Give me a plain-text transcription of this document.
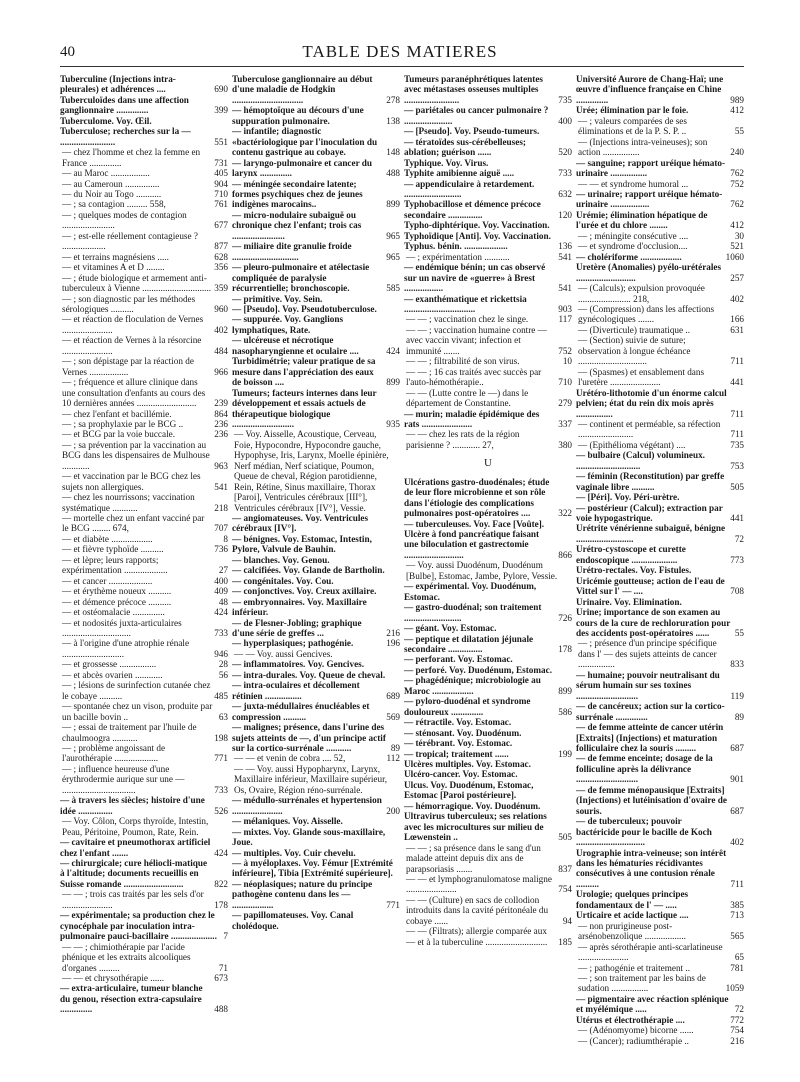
40	TABLE DES MATIERES
Tuberculine (Injections intra-pleurales) et adhérences ....	690
Tuberculoïdes dans une affection ganglionnaire ..............	399
Tuberculome. Voy. Œil.
Tuberculose; recherches sur la — ........................	551
— chez l'homme et chez la femme en France ..............	731
— au Maroc .................	405
— au Cameroun ...............	904
— du Noir au Togo ...........	710
— ; sa contagion ......... 558,	761
— ; quelques modes de contagion .......................	677
— ; est-elle réellement contagieuse ? ...................	877
— et terrains magnésiens .....	628
— et vitamines A et D ........	356
— ; étude biologique et armement anti-tuberculeux à Vienne .............................. 359
— ; son diagnostic par les méthodes sérologiques ..........	960
— et réaction de floculation de Vernes ......................	402
— et réaction de Vernes à la résorcine ......................	484
— ; son dépistage par la réaction de Vernes .................	966
— ; fréquence et allure clinique dans une consultation d'enfants au cours des 10 dernières années ..........................	239
— chez l'enfant et bacillémie.	864
— ; sa prophylaxie par le BCG ..	236
— et BCG par la voie buccale.	236
— ; sa prévention par la vaccination au BCG dans les dispensaires de Mulhouse ............	963
— et vaccination par le BCG chez les sujets non allergiques.	541
— chez les nourrissons; vaccination systématique ...........	218
— mortelle chez un enfant vacciné par le BCG ........ 674,	707
— et diabète ..................	8
— et fièvre typhoïde ..........	736
— et lèpre; leurs rapports; expérimentation ...................	27
— et cancer ...................	400
— et érythème noueux ..........	409
— et démence précoce ..........	48
— et ostéomalacie ..............	424
— et nodosités juxta-articulaires ..............................	733
— à l'origine d'une atrophie rénale ...........................	946
— et grossesse ................	28
— et abcès ovarien ............	56
— ; lésions de surinfection cutanée chez le cobaye ..........	485
— spontanée chez un vison, produite par un bacille bovin ..	63
— ; essai de traitement par l'huile de chaulmoogra ...........	198
— ; problème angoissant de l'aurothérapie ...................	771
— ; influence heureuse d'une érythrodermie aurique sur une — ................................	733
— à travers les siècles; histoire d'une idée ...............	526
— Voy. Côlon, Corps thyroïde, Intestin, Peau, Péritoine, Poumon, Rate, Rein.
— cavitaire et pneumothorax artificiel chez l'enfant .......	424
— chirurgicale; cure héliocli-matique à l'altitude; documents recueillis en Suisse romande ..........................	822
— — ; trois cas traités par les sels d'or ......................	178
— expérimentale; sa production chez le cynocéphale par inoculation intra-pulmonaire pauci-bacillaire .................... 7
— — ; chimiothérapie par l'acide phénique et les extraits alcooliques d'organes .........	71
— — et chrysothérapie ......	673
— extra-articulaire, tumeur blanche du genou, résection extra-capsulaire ..............	488
Tuberculose ganglionnaire au début d'une maladie de Hodgkin ...............................	278
— hémoptoïque au décours d'une suppuration pulmonaire.	138
— infantile; diagnostic «bactériologique par l'inoculation du contenu gastrique au cobaye.	148
— laryngo-pulmonaire et cancer du larynx ..............	488
— méningée secondaire latente; formes psychiques chez de jeunes indigènes marocains..	899
— micro-nodulaire subaiguë ou chronique chez l'enfant; trois cas .......................	965
— miliaire dite granulie froide .............................	965
— pleuro-pulmonaire et atélectasie compliquée de paralysie récurrentielle; bronchoscopie.	585
— primitive. Voy. Sein.
— [Pseudo]. Voy. Pseudotuberculose.
— suppurée. Voy. Ganglions lymphatiques, Rate.
— ulcéreuse et nécrotique nasopharyngienne et oculaire ....	424
Turbidimétrie; valeur pratique de sa mesure dans l'appréciation des eaux de boisson ....	899
Tumeurs; facteurs internes dans leur développement et essais actuels de thérapeutique biologique ...........................	935
— Voy. Aisselle, Acoustique, Cerveau, Foie, Hypocondre, Hypocondre gauche, Hypophyse, Iris, Larynx, Moelle épinière, Nerf médian, Nerf sciatique, Poumon, Queue de cheval, Région parotidienne, Rein, Rétine, Sinus maxillaire, Thorax [Paroi], Ventricules cérébraux [III°], Ventricules cérébraux [IV°], Vessie.
— angiomateuses. Voy. Ventricules cérébraux [IV°].
— bénignes. Voy. Estomac, Intestin, Pylore, Valvule de Bauhin.
— blanches. Voy. Genou.
— calcifiées. Voy. Glande de Bartholin.
— congénitales. Voy. Cou.
— conjonctives. Voy. Creux axillaire.
— embryonnaires. Voy. Maxillaire inférieur.
— de Flesner-Jobling; graphique d'une série de greffes ...	216
— hyperplasiques; pathogénie.	196
— — Voy. aussi Gencives.
— inflammatoires. Voy. Gencives.
— intra-durales. Voy. Queue de cheval.
— intra-oculaires et décollement rétinien ................	689
— juxta-médullaires énucléables et compression ..........	569
— malignes; présence, dans l'urine des sujets atteints de —, d'un principe actif sur la cortico-surrénale ...........	89
— — et venin de cobra .... 52,	112
— — Voy. aussi Hypopharynx, Larynx, Maxillaire inférieur, Maxillaire supérieur, Os, Ovaire, Région réno-surrénale.
— médullo-surrénales et hypertension ......................	200
— mélaniques. Voy. Aisselle.
— mixtes. Voy. Glande sous-maxillaire, Joue.
— multiples. Voy. Cuir chevelu.
— à myéloplaxes. Voy. Fémur [Extrémité inférieure], Tibia [Extrémité supérieure].
— néoplasiques; nature du principe pathogène contenu dans les — ..................	771
— papillomateuses. Voy. Canal cholédoque.
Tumeurs paranéphrétiques latentes avec métastases osseuses multiples ........................	735
— pariétales ou cancer pulmonaire ? .....................	400
— [Pseudo]. Voy. Pseudo-tumeurs.
— tératoïdes sus-cérébelleuses; ablation; guérison ......	520
Typhique. Voy. Virus.
Typhite amibienne aiguë .....	733
— appendiculaire à retardement. .........................	632
Typhobacillose et démence précoce secondaire ...............	120
Typho-diphtérique. Voy. Vaccination.
Typhoïdique [Anti]. Voy. Vaccination.
Typhus. bénin. ...................	136
— ; expérimentation ...........	541
— endémique bénin; un cas observé sur un navire de «guerre» à Brest .................	541
— exanthématique et rickettsia ...............................	903
— — ; vaccination chez le singe.	117
— — ; vaccination humaine contre — avec vaccin vivant; infection et immunité .......	752
— — ; filtrabilité de son virus.	10
— — ; 16 cas traités avec succès par l'auto-hémothérapie..	710
— — (Lutte contre le —) dans le département de Constantine.	279
— murin; maladie épidémique des rats ......................	337
— — chez les rats de la région parisienne ? ............ 27,	380
U
Ulcérations gastro-duodénales; étude de leur flore microbienne et son rôle dans l'étiologie des complications pulmonaires post-opératoires ....	322
— tuberculeuses. Voy. Face [Voûte].
Ulcère à fond pancréatique faisant une biloculation et gastrectomie ..........................	866
— Voy. aussi Duodénum, Duodénum [Bulbe], Estomac, Jambe, Pylore, Vessie.
— expérimental. Voy. Duodénum, Estomac.
— gastro-duodénal; son traitement .........................	726
— géant. Voy. Estomac.
— peptique et dilatation jéjunale secondaire ...............	178
— perforant. Voy. Estomac.
— perforé. Voy. Duodénum, Estomac.
— phagédénique; microbiologie au Maroc ..................	899
— pyloro-duodénal et syndrome douloureux ..............	586
— rétractile. Voy. Estomac.
— sténosant. Voy. Duodénum.
— térébrant. Voy. Estomac.
— tropical; traitement ......	199
Ulcères multiples. Voy. Estomac.
Ulcéro-cancer. Voy. Estomac.
Ulcus. Voy. Duodénum, Estomac, Estomac [Paroi postérieure].
— hémorragique. Voy. Duodénum.
Ultravirus tuberculeux; ses relations avec les microcultures sur milieu de Lœwenstein ..	505
— — ; sa présence dans le sang d'un malade atteint depuis dix ans de parapsoriasis .......	837
— — et lymphogranulomatose maligne ......................	754
— — (Culture) en sacs de collodion introduits dans la cavité péritonéale du cobaye ......	94
— — (Filtrats); allergie comparée aux — et à la tuberculine ...........................	185
Université Aurore de Chang-Haï; une œuvre d'influence française en Chine ..............	989
Urée; élimination par le foie.	412
— ; valeurs comparées de ses éliminations et de la P. S. P. ..	55
— (Injections intra-veineuses); son action ................	240
— sanguine; rapport uréique hémato-urinaire ................	762
— — et syndrome humoral ...	752
— urinaire; rapport uréique hémato-urinaire .................	762
Urémie; élimination hépatique de l'urée et du chlore ........	412
— ; méningite consécutive ....	30
— et syndrome d'occlusion....	521
— cholériforme ..................	1060
Uretère (Anomalies) pyélo-urétérales ..........................	257
— (Calculs); expulsion provoquée ....................... 218,	402
— (Compression) dans les affections gynécologiques .......	166
— (Diverticule) traumatique ..	631
— (Section) suivie de suture; observation à longue échéance ..............................	711
— (Spasmes) et ensablement dans l'uretère ......................	441
Urétéro-lithotomie d'un énorme calcul pelvien; état du rein dix mois après ................	711
— continent et perméable, sa réfection ........................	711
— (Epithélioma végétant) ....	735
— bulbaire (Calcul) volumineux. ............................	753
— féminin (Reconstitution) par greffe vaginale libre ..........	505
— [Péri]. Voy. Péri-urètre.
— postérieur (Calcul); extraction par voie hypogastrique.	441
Urétrite vénérienne subaiguë, bénigne .........................	72
Urétro-cystoscope et curette endoscopique ....................	773
Urétro-rectales. Voy. Fistules.
Uricémie goutteuse; action de l'eau de Vittel sur l' — ....	708
Urinaire. Voy. Elimination.
Urine; importance de son examen au cours de la cure de rechloruration pour des accidents post-opératoires ......	55
— ; présence d'un principe spécifique dans l' — des sujets atteints de cancer ................	833
— humaine; pouvoir neutralisant du sérum humain sur ses toxines ...........................	119
— de cancéreux; action sur la cortico-surrénale ..............	89
— de femme atteinte de cancer utérin [Extraits] (Injections) et maturation folliculaire chez la souris .........	687
— de femme enceinte; dosage de la folliculine après la délivrance ...........................	901
— de femme ménopausique [Extraits] (Injections) et lutéinisation d'ovaire de souris.	687
— de tuberculeux; pouvoir bactéricide pour le bacille de Koch ..............................	402
Urographie intra-veineuse; son intérêt dans les hématuries récidivantes consécutives à une contusion rénale ..........	711
Urologie; quelques principes fondamentaux de l' — .....	385
Urticaire et acide lactique ....	713
— non prurigineuse post-arsénobenzolique ..................	565
— après sérothérapie anti-scarlatineuse ......................	65
— ; pathogénie et traitement ..	781
— ; son traitement par les bains de sudation ................	1059
— pigmentaire avec réaction splénique et myélémique .....	72
Utérus et électrothérapie ....	772
— (Adénomyome) bicorne ......	754
— (Cancer); radiumthérapie ..	216
